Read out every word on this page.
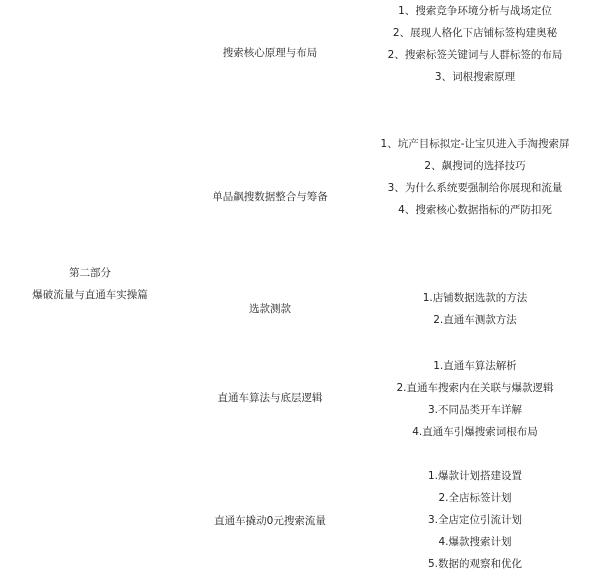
第二部分
爆破流量与直通车实操篇
搜索核心原理与布局
1、搜索竞争环境分析与战场定位
2、展现人格化下店铺标签构建奥秘
2、搜索标签关键词与人群标签的布局
3、词根搜索原理
单品飙搜数据整合与筹备
1、坑产目标拟定-让宝贝进入手淘搜索屏
2、飙搜词的选择技巧
3、为什么系统要强制给你展现和流量
4、搜索核心数据指标的严防扣死
选款测款
1.店铺数据选款的方法
2.直通车测款方法
直通车算法与底层逻辑
1.直通车算法解析
2.直通车搜索内在关联与爆款逻辑
3.不同品类开车详解
4.直通车引爆搜索词根布局
直通车撬动0元搜索流量
1.爆款计划搭建设置
2.全店标签计划
3.全店定位引流计划
4.爆款搜索计划
5.数据的观察和优化
